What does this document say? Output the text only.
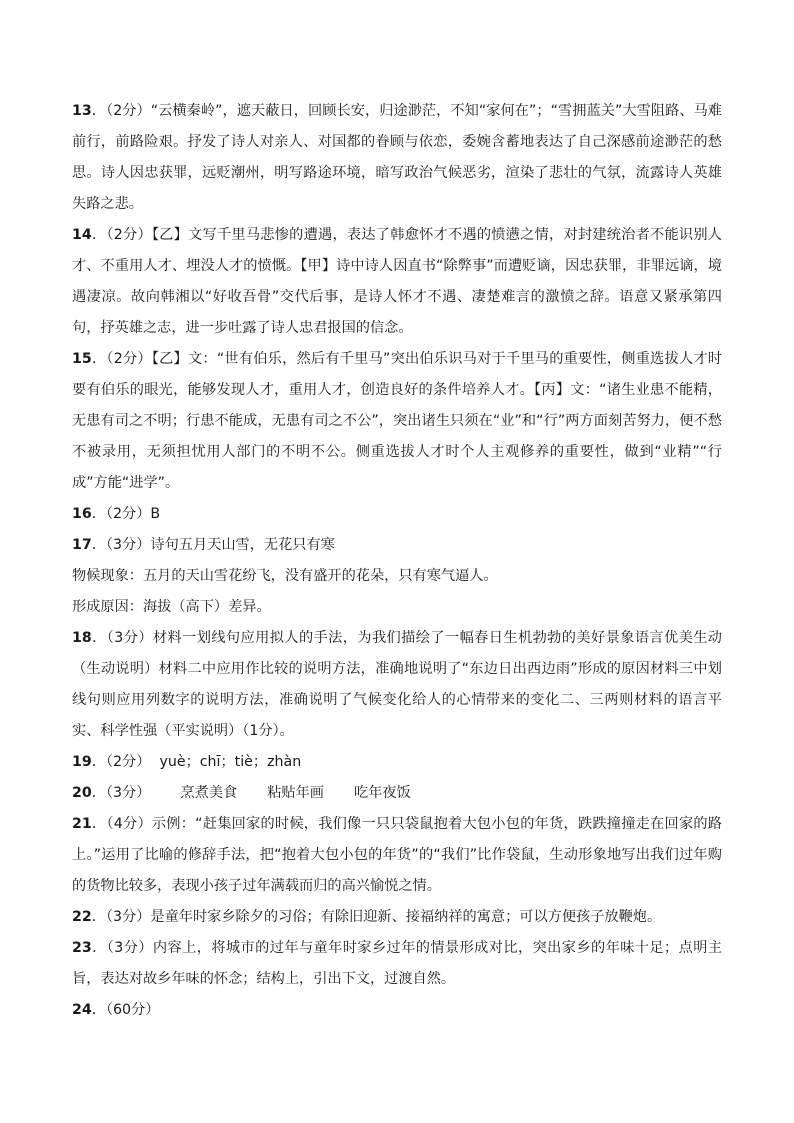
13．（2分）“云横秦岭”，遮天蔽日，回顾长安，归途渺茫，不知“家何在”；“雪拥蓝关”大雪阻路、马难前行，前路险艰。抒发了诗人对亲人、对国都的眷顾与依恋，委婉含蓄地表达了自己深感前途渺茫的愁思。诗人因忠获罪，远贬潮州，明写路途环境，暗写政治气候恶劣，渲染了悲壮的气氛，流露诗人英雄失路之悲。

14．（2分）【乙】文写千里马悲惨的遭遇，表达了韩愈怀才不遇的愤懑之情，对封建统治者不能识别人才、不重用人才、埋没人才的愤慨。【甲】诗中诗人因直书“除弊事”而遭贬谪，因忠获罪，非罪远谪，境遇凄凉。故向韩湘以“好收吾骨”交代后事，是诗人怀才不遇、凄楚难言的激愤之辞。语意又紧承第四句，抒英雄之志，进一步吐露了诗人忠君报国的信念。

15．（2分）【乙】文：“世有伯乐，然后有千里马”突出伯乐识马对于千里马的重要性，侧重选拔人才时要有伯乐的眼光，能够发现人才，重用人才，创造良好的条件培养人才。【丙】文：“诸生业患不能精，无患有司之不明；行患不能成，无患有司之不公”，突出诸生只须在“业”和“行”两方面刻苦努力，便不愁不被录用，无须担忧用人部门的不明不公。侧重选拔人才时个人主观修养的重要性，做到“业精”“行成”方能“进学”。

16．（2分）B

17．（3分）诗句五月天山雪，无花只有寒

物候现象：五月的天山雪花纷飞，没有盛开的花朵，只有寒气逼人。

形成原因：海拔（高下）差异。

18．（3分）材料一划线句应用拟人的手法，为我们描绘了一幅春日生机勃勃的美好景象语言优美生动（生动说明）材料二中应用作比较的说明方法，准确地说明了“东边日出西边雨”形成的原因材料三中划线句则应用列数字的说明方法，准确说明了气候变化给人的心情带来的变化二、三两则材料的语言平实、科学性强（平实说明）（1分）。

19．（2分）  yuè；chī；tiè；zhàn

20．（3分） 烹煮美食 粘贴年画 吃年夜饭

21．（4分）示例：“赶集回家的时候，我们像一只只袋鼠抱着大包小包的年货，跌跌撞撞走在回家的路上。”运用了比喻的修辞手法，把“抱着大包小包的年货”的“我们”比作袋鼠，生动形象地写出我们过年购的货物比较多，表现小孩子过年满载而归的高兴愉悦之情。

22．（3分）是童年时家乡除夕的习俗；有除旧迎新、接福纳祥的寓意；可以方便孩子放鞭炮。

23．（3分）内容上，将城市的过年与童年时家乡过年的情景形成对比，突出家乡的年味十足；点明主旨，表达对故乡年味的怀念；结构上，引出下文，过渡自然。

24．（60分）
